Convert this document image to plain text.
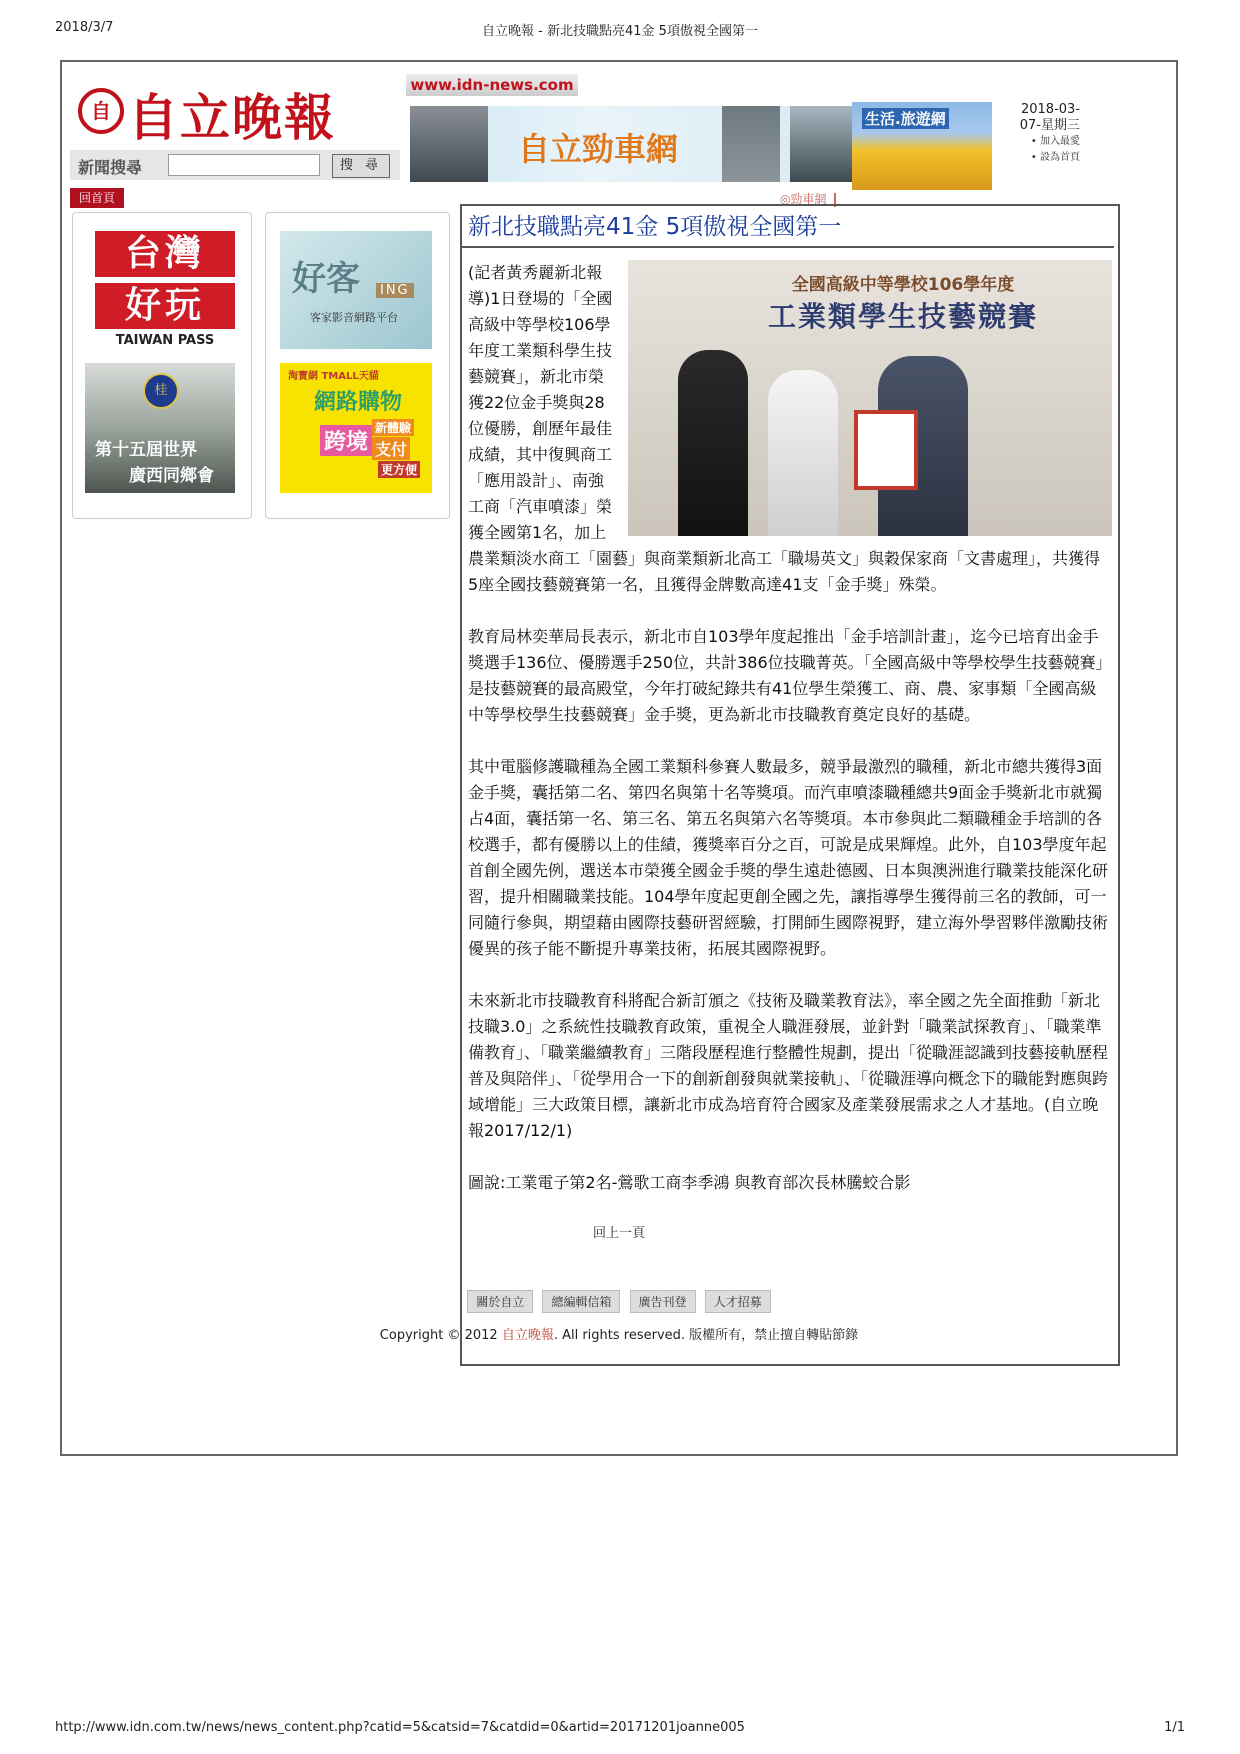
2018/3/7	自立晚報 - 新北技職點亮41金 5項傲視全國第一
自 自立晚報
www.idn-news.com
新聞搜尋	搜 尋
回首頁
自立勁車網
生活.旅遊網
2018-03-
07-星期三
• 加入最愛
• 設為首頁
◎勁車網
台灣
好玩
TAIWAN PASS
桂
第十五屆世界
廣西同鄉會
好客	ING
客家影音網路平台
淘寶網 TMALL天貓
網路購物
跨境
新體驗
支付
更方便
新北技職點亮41金 5項傲視全國第一

(記者黃秀麗新北報導)1日登場的「全國高級中等學校106學年度工業類科學生技藝競賽」，新北市榮獲22位金手獎與28位優勝，創歷年最佳成績，其中復興商工「應用設計」、南強工商「汽車噴漆」榮獲全國第1名，加上農業類淡水商工「園藝」與商業類新北高工「職場英文」與穀保家商「文書處理」，共獲得5座全國技藝競賽第一名，且獲得金牌數高達41支「金手獎」殊榮。

教育局林奕華局長表示，新北市自103學年度起推出「金手培訓計畫」，迄今已培育出金手獎選手136位、優勝選手250位，共計386位技職菁英。「全國高級中等學校學生技藝競賽」是技藝競賽的最高殿堂，今年打破紀錄共有41位學生榮獲工、商、農、家事類「全國高級中等學校學生技藝競賽」金手獎，更為新北市技職教育奠定良好的基礎。

其中電腦修護職種為全國工業類科參賽人數最多，競爭最激烈的職種，新北市總共獲得3面金手獎，囊括第二名、第四名與第十名等獎項。而汽車噴漆職種總共9面金手獎新北市就獨占4面，囊括第一名、第三名、第五名與第六名等獎項。本市參與此二類職種金手培訓的各校選手，都有優勝以上的佳績，獲獎率百分之百，可說是成果輝煌。此外，自103學度年起首創全國先例，選送本市榮獲全國金手獎的學生遠赴德國、日本與澳洲進行職業技能深化研習，提升相關職業技能。104學年度起更創全國之先，讓指導學生獲得前三名的教師，可一同隨行參與，期望藉由國際技藝研習經驗，打開師生國際視野，建立海外學習夥伴激勵技術優異的孩子能不斷提升專業技術，拓展其國際視野。

未來新北市技職教育科將配合新訂頒之《技術及職業教育法》，率全國之先全面推動「新北技職3.0」之系統性技職教育政策，重視全人職涯發展，並針對「職業試探教育」、「職業準備教育」、「職業繼續教育」三階段歷程進行整體性規劃，提出「從職涯認識到技藝接軌歷程普及與陪伴」、「從學用合一下的創新創發與就業接軌」、「從職涯導向概念下的職能對應與跨域增能」三大政策目標，讓新北市成為培育符合國家及產業發展需求之人才基地。(自立晚報2017/12/1)

圖說:工業電子第2名-鶯歌工商李季鴻 與教育部次長林騰蛟合影

全國高級中等學校106學年度
工業類學生技藝競賽
回上一頁
關於自立 總編輯信箱 廣告刊登 人才招募
Copyright © 2012 自立晚報. All rights reserved. 版權所有，禁止擅自轉貼節錄
http://www.idn.com.tw/news/news_content.php?catid=5&catsid=7&catdid=0&artid=20171201joanne005	1/1
